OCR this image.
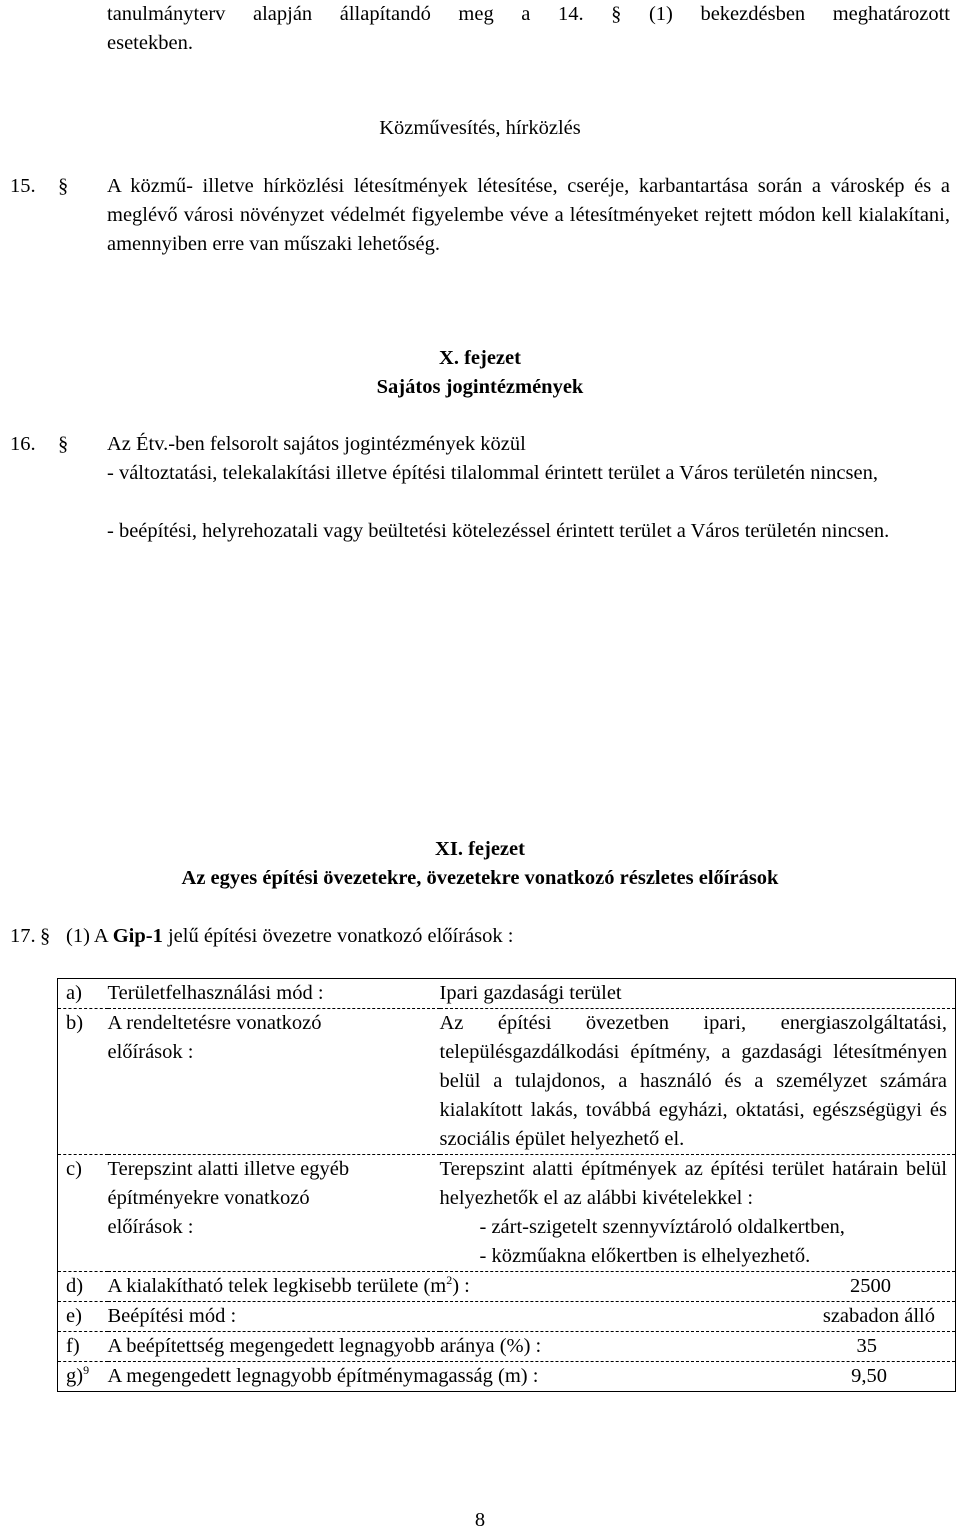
tanulmányterv alapján állapítandó meg a 14. § (1) bekezdésben meghatározott
esetekben.
Közművesítés, hírközlés
15. § A közmű- illetve hírközlési létesítmények létesítése, cseréje, karbantartása során a városkép és a meglévő városi növényzet védelmét figyelembe véve a létesítményeket rejtett módon kell kialakítani, amennyiben erre van műszaki lehetőség.
X. fejezet
Sajátos jogintézmények
16. § Az Étv.-ben felsorolt sajátos jogintézmények közül
- változtatási, telekalakítási illetve építési tilalommal érintett terület a Város területén nincsen,
- beépítési, helyrehozatali vagy beültetési kötelezéssel érintett terület a Város területén nincsen.
XI. fejezet
Az egyes építési övezetekre, övezetekre vonatkozó részletes előírások
17. § (1) A Gip-1 jelű építési övezetre vonatkozó előírások :
a)	Területfelhasználási mód :	Ipari gazdasági terület
b)	A rendeltetésre vonatkozó előírások :	Az építési övezetben ipari, energiaszolgáltatási, településgazdálkodási építmény, a gazdasági létesítményen belül a tulajdonos, a használó és a személyzet számára kialakított lakás, továbbá egyházi, oktatási, egészségügyi és szociális épület helyezhető el.
c)	Terepszint alatti illetve egyéb építményekre vonatkozó előírások :	Terepszint alatti építmények az építési terület határain belül helyezhetők el az alábbi kivételekkel :
- zárt-szigetelt szennyvíztároló oldalkertben,
- közműakna előkertben is elhelyezhető.

d)	A kialakítható telek legkisebb területe $(m^2)$ : 2500	

e)	Beépítési mód : szabadon álló	

f)	A beépítettség megengedett legnagyobb aránya (%) : 35	

g)$^9$	A megengedett legnagyobb építménymagasság (m) : 9,50	
8
